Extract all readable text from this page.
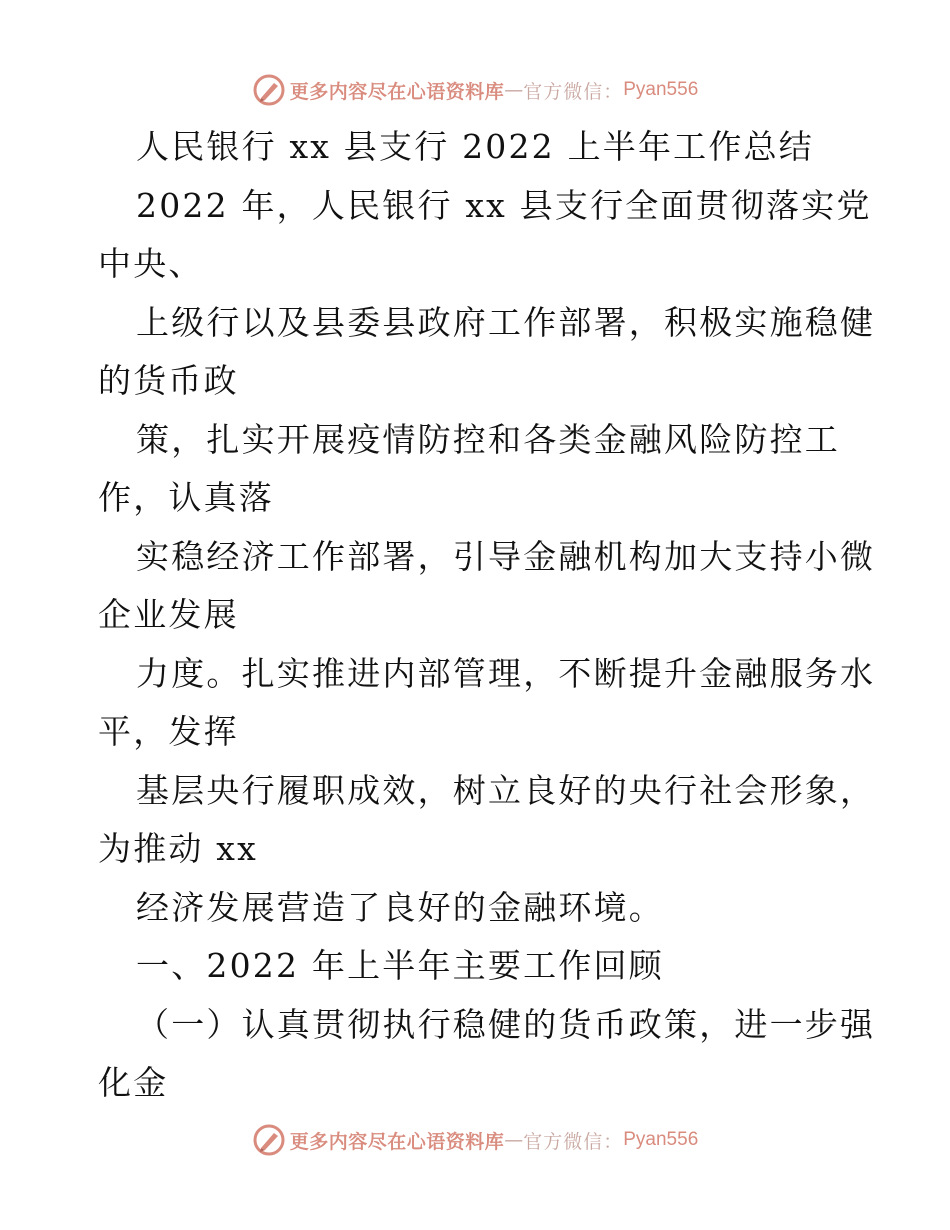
更多内容尽在心语资料库 — 官方微信： Pyan556
人民银行 xx 县支行 2022 上半年工作总结
2022 年，人民银行 xx 县支行全面贯彻落实党
中央、
上级行以及县委县政府工作部署，积极实施稳健
的货币政
策，扎实开展疫情防控和各类金融风险防控工
作，认真落
实稳经济工作部署，引导金融机构加大支持小微
企业发展
力度。扎实推进内部管理，不断提升金融服务水
平，发挥
基层央行履职成效，树立良好的央行社会形象，
为推动 xx
经济发展营造了良好的金融环境。
一、2022 年上半年主要工作回顾
（一）认真贯彻执行稳健的货币政策，进一步强
化金
更多内容尽在心语资料库 — 官方微信： Pyan556
